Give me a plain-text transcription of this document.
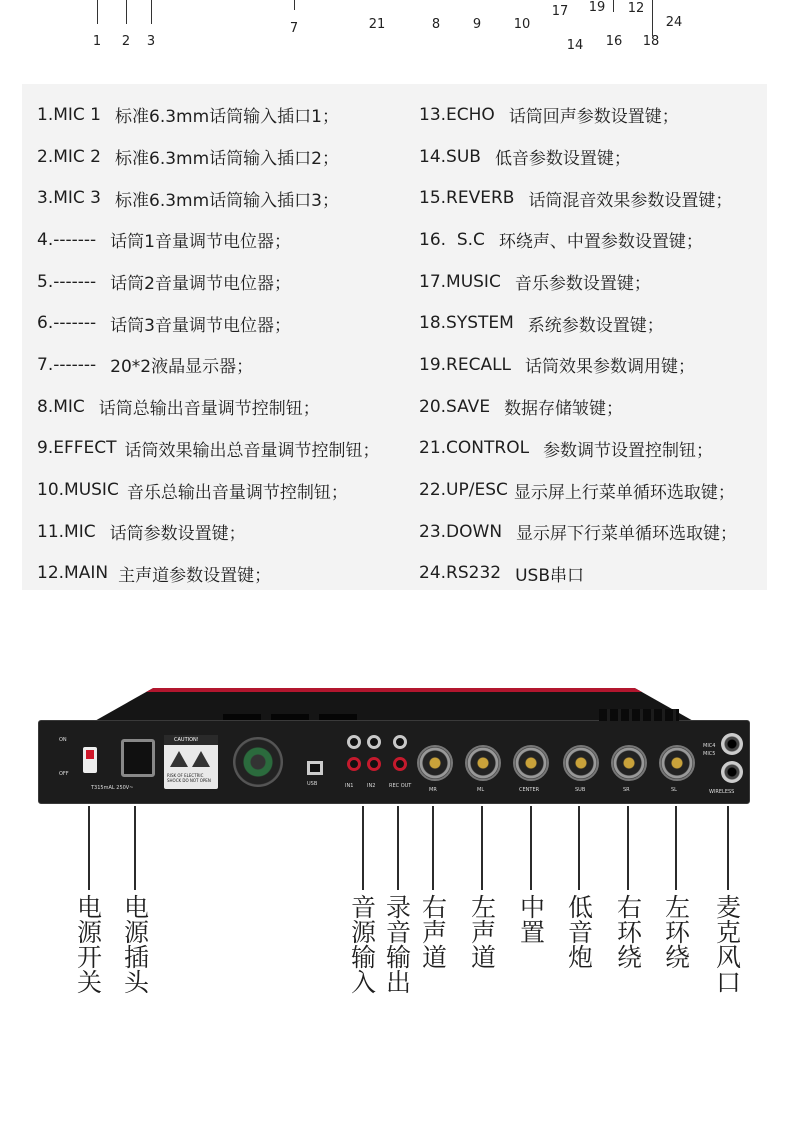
1 2 3
7	21	8	9	10
17
14
19
16
12
18
24
1.MIC 1 标准6.3mm话筒输入插口1；
2.MIC 2 标准6.3mm话筒输入插口2；
3.MIC 3 标准6.3mm话筒输入插口3；
4.------- 话筒1音量调节电位器；
5.------- 话筒2音量调节电位器；
6.------- 话筒3音量调节电位器；
7.------- 20*2液晶显示器；
8.MIC 话筒总输出音量调节控制钮；
9.EFFECT 话筒效果输出总音量调节控制钮；
10.MUSIC 音乐总输出音量调节控制钮；
11.MIC 话筒参数设置键；
12.MAIN 主声道参数设置键；
13.ECHO 话筒回声参数设置键；
14.SUB 低音参数设置键；
15.REVERB 话筒混音效果参数设置键；
16.  S.C 环绕声、中置参数设置键；
17.MUSIC 音乐参数设置键；
18.SYSTEM 系统参数设置键；
19.RECALL 话筒效果参数调用键；
20.SAVE 数据存储皱键；
21.CONTROL 参数调节设置控制钮；
22.UP/ESC 显示屏上行菜单循环选取键；
23.DOWN 显示屏下行菜单循环选取键；
24.RS232 USB串口
ON
OFF
T315mAL 250V~
CAUTION!
RISK OF ELECTRIC SHOCK DO NOT OPEN
USB	IN1	IN2	REC OUT
MR	ML	CENTER	SUB	SR	SL
MIC4
MIC5
WIRELESS
电源开关 电源插头	音源输入 录音输出 右声道 左声道 中置 低音炮 右环绕 左环绕 麦克风口
